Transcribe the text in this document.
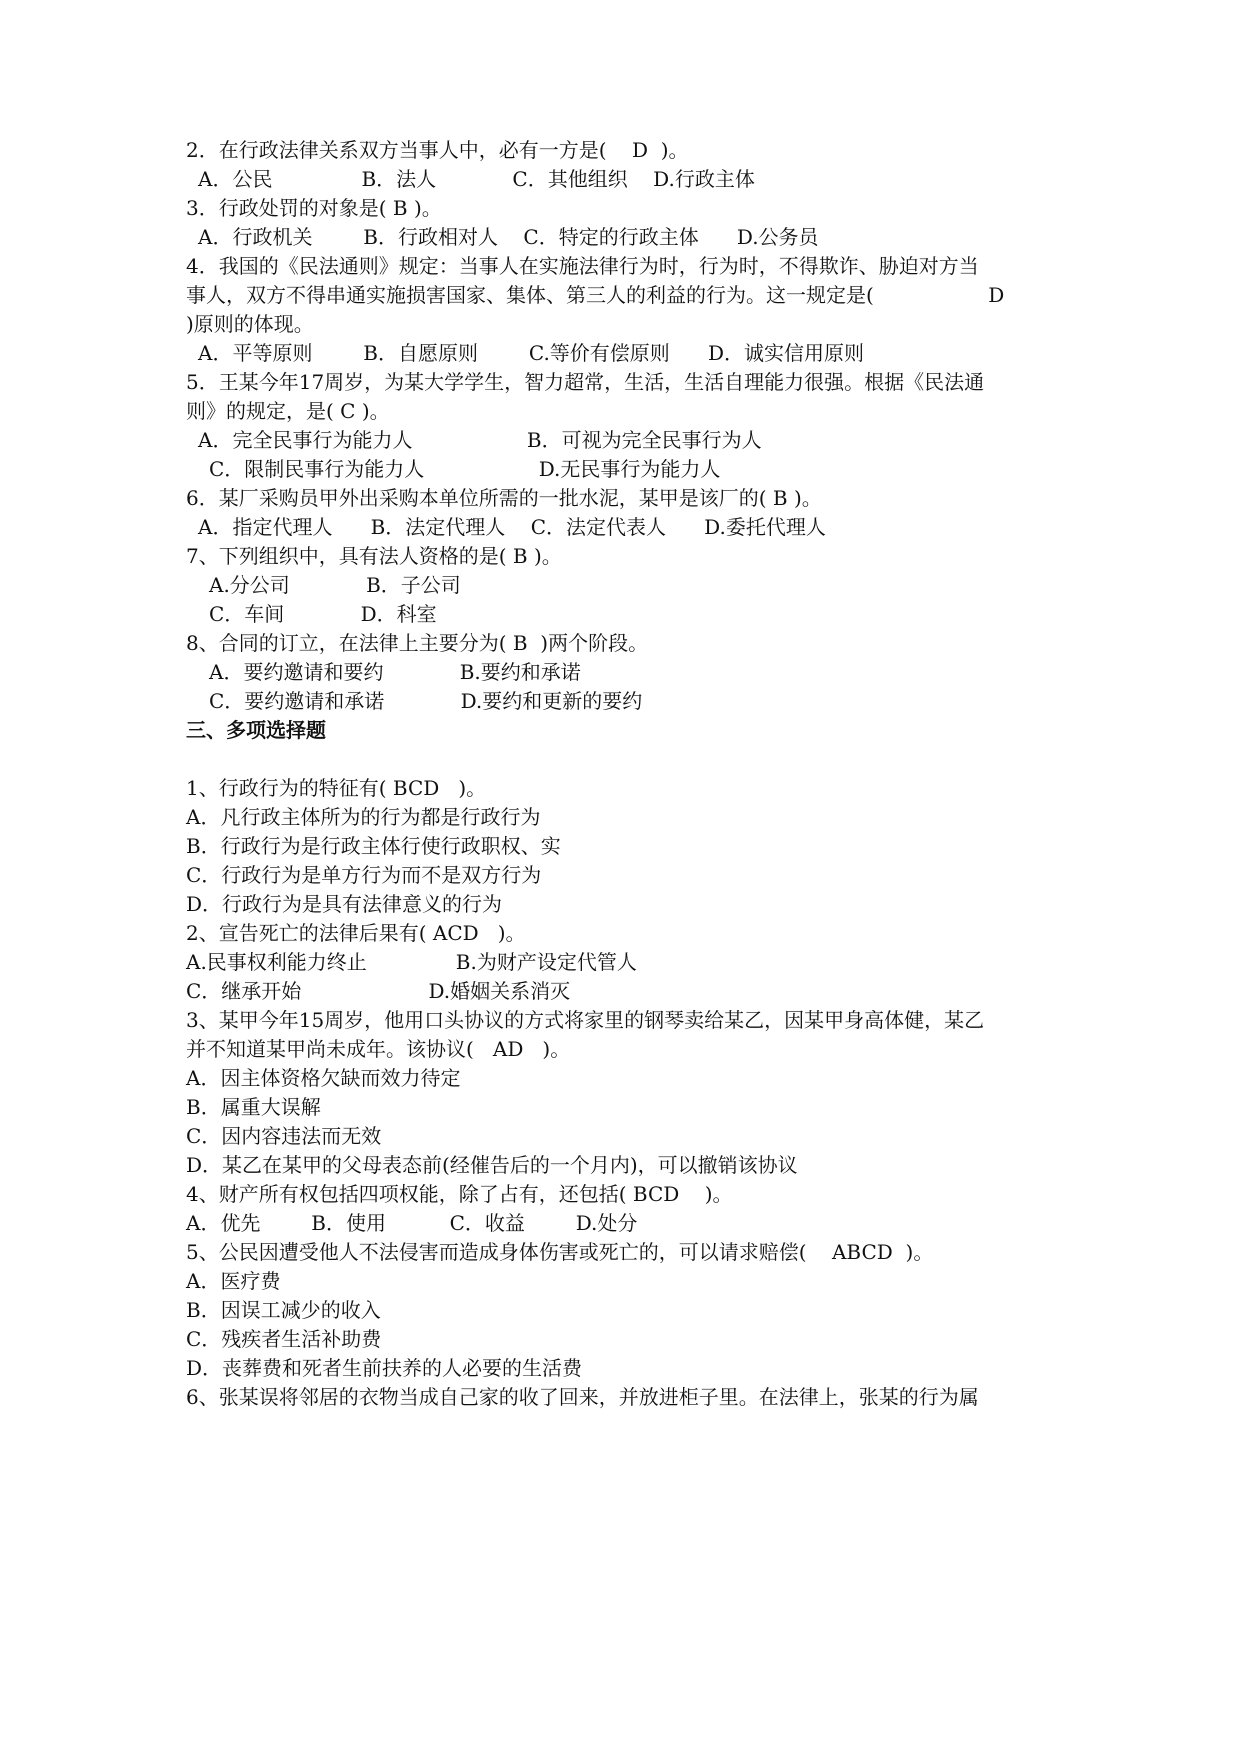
2．在行政法律关系双方当事人中，必有一方是(    D  )。
A．公民              B．法人            C．其他组织    D.行政主体
3．行政处罚的对象是( B )。
A．行政机关        B．行政相对人    C．特定的行政主体      D.公务员
4．我国的《民法通则》规定：当事人在实施法律行为时，行为时，不得欺诈、胁迫对方当
事人，双方不得串通实施损害国家、集体、第三人的利益的行为。这一规定是(                  D
)原则的体现。
A．平等原则        B．自愿原则        C.等价有偿原则      D．诚实信用原则
5．王某今年17周岁，为某大学学生，智力超常，生活，生活自理能力很强。根据《民法通
则》的规定，是( C )。
A．完全民事行为能力人                  B．可视为完全民事行为人
C．限制民事行为能力人                  D.无民事行为能力人
6．某厂采购员甲外出采购本单位所需的一批水泥，某甲是该厂的( B )。
A．指定代理人      B．法定代理人    C．法定代表人      D.委托代理人
7、下列组织中，具有法人资格的是( B )。
A.分公司            B．子公司
C．车间            D．科室
8、合同的订立，在法律上主要分为( B  )两个阶段。
A．要约邀请和要约            B.要约和承诺
C．要约邀请和承诺            D.要约和更新的要约
三、多项选择题
1、行政行为的特征有( BCD   )。
A．凡行政主体所为的行为都是行政行为
B．行政行为是行政主体行使行政职权、实
C．行政行为是单方行为而不是双方行为
D．行政行为是具有法律意义的行为
2、宣告死亡的法律后果有( ACD   )。
A.民事权利能力终止              B.为财产设定代管人
C．继承开始                    D.婚姻关系消灭
3、某甲今年15周岁，他用口头协议的方式将家里的钢琴卖给某乙，因某甲身高体健，某乙
并不知道某甲尚未成年。该协议(   AD   )。
A．因主体资格欠缺而效力待定
B．属重大误解
C．因内容违法而无效
D．某乙在某甲的父母表态前(经催告后的一个月内)，可以撤销该协议
4、财产所有权包括四项权能，除了占有，还包括( BCD    )。
A．优先        B．使用          C．收益        D.处分
5、公民因遭受他人不法侵害而造成身体伤害或死亡的，可以请求赔偿(    ABCD  )。
A．医疗费
B．因误工减少的收入
C．残疾者生活补助费
D．丧葬费和死者生前扶养的人必要的生活费
6、张某误将邻居的衣物当成自己家的收了回来，并放进柜子里。在法律上，张某的行为属
